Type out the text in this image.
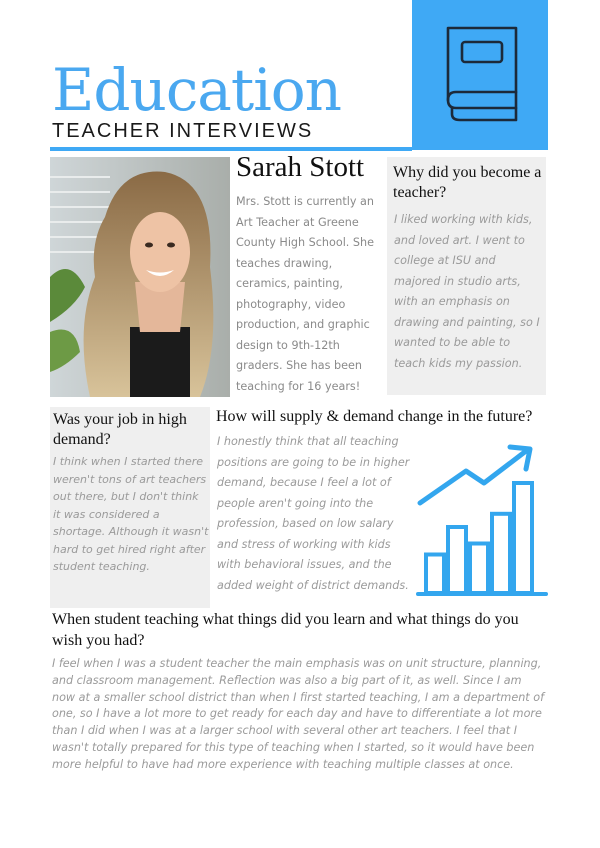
Education
TEACHER INTERVIEWS
Sarah Stott
Mrs. Stott is currently an Art Teacher at Greene County High School. She teaches drawing, ceramics, painting, photography, video production, and graphic design to 9th-12th graders. She has been teaching for 16 years!
Why did you become a teacher?
I liked working with kids, and loved art. I went to college at ISU and majored in studio arts, with an emphasis on drawing and painting, so I wanted to be able to teach kids my passion.
Was your job in high demand?
I think when I started there weren't tons of art teachers out there, but I don't think it was considered a shortage. Although it wasn't hard to get hired right after student teaching.
How will supply & demand change in the future?
I honestly think that all teaching positions are going to be in higher demand, because I feel a lot of people aren't going into the profession, based on low salary and stress of working with kids with behavioral issues, and the added weight of district demands.
When student teaching what things did you learn and what things do you wish you had?
I feel when I was a student teacher the main emphasis was on unit structure, planning, and classroom management. Reflection was also a big part of it, as well. Since I am now at a smaller school district than when I first started teaching, I am a department of one, so I have a lot more to get ready for each day and have to differentiate a lot more than I did when I was at a larger school with several other art teachers. I feel that I wasn't totally prepared for this type of teaching when I started, so it would have been more helpful to have had more experience with teaching multiple classes at once.
